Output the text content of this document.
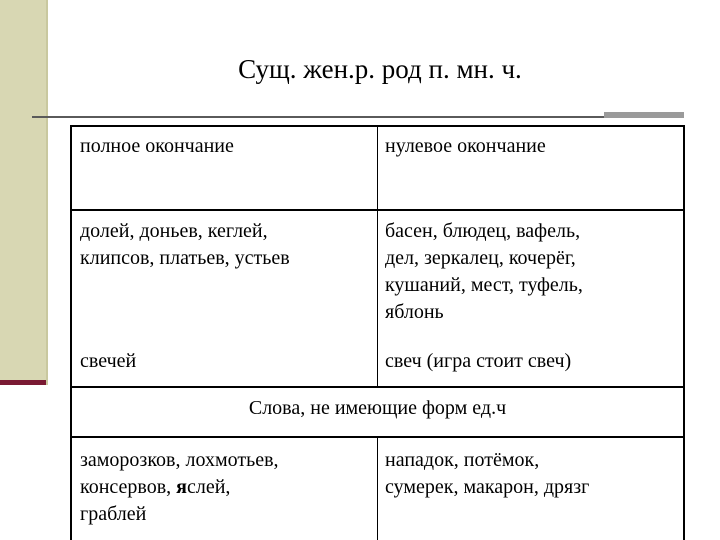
Сущ. жен.р. род п. мн. ч.
полное окончание	нулевое окончание
долей, доньев, кеглей,
клипсов, платьев, устьев
басен, блюдец, вафель,
дел, зеркалец, кочерёг,
кушаний, мест, туфель,
яблонь
свечей	свеч (игра стоит свеч)
Слова, не имеющие форм ед.ч
заморозков, лохмотьев,
консервов, яслей,
граблей
нападок, потёмок,
сумерек, макарон, дрязг
